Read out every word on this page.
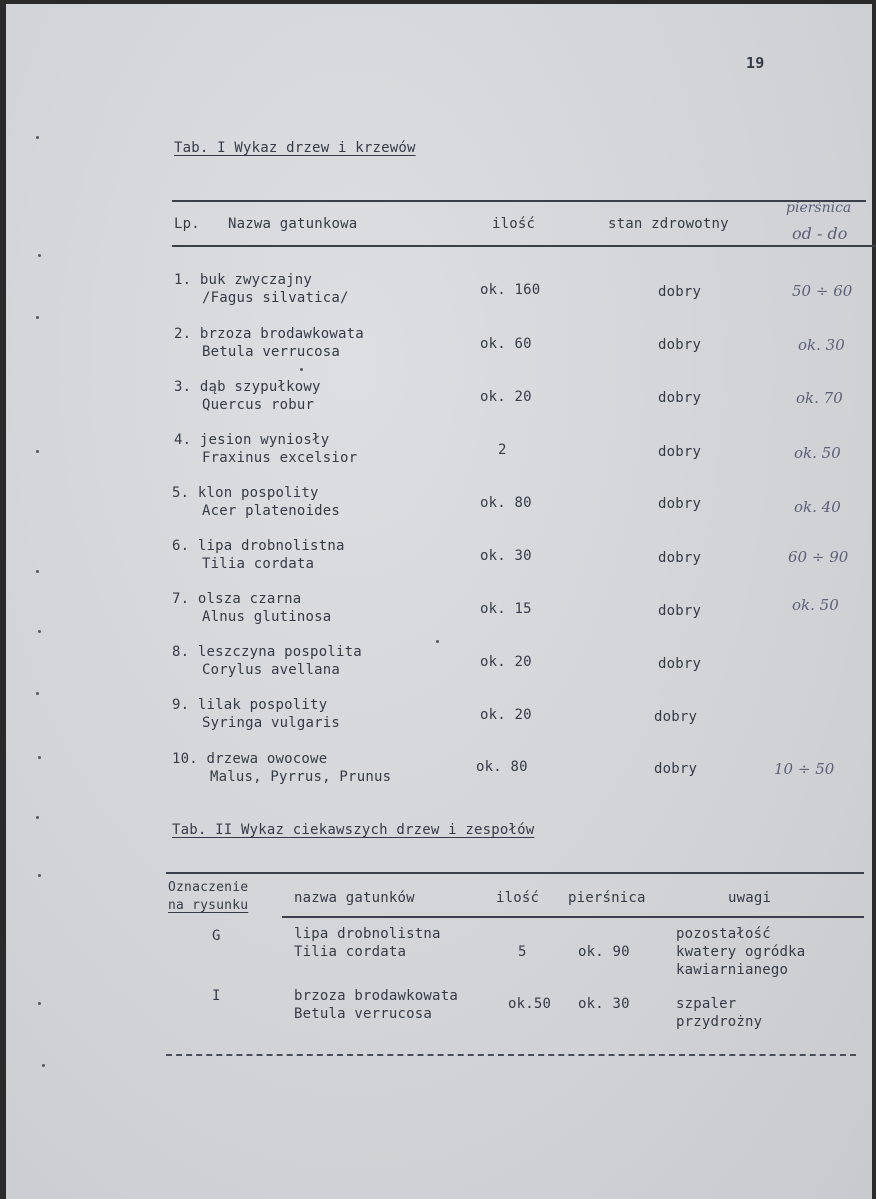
19
Tab. I Wykaz drzew i krzewów
Lp. Nazwa gatunkowa	ilość	stan zdrowotny
pierśnica
od - do
1. buk zwyczajny
/Fagus silvatica/	ok. 160	dobry	50 ÷ 60
2. brzoza brodawkowata
Betula verrucosa	ok. 60	dobry	ok. 30
3. dąb szypułkowy
Quercus robur	ok. 20	dobry	ok. 70
4. jesion wyniosły
Fraxinus excelsior	2	dobry	ok. 50
5. klon pospolity
Acer platenoides	ok. 80	dobry	ok. 40
6. lipa drobnolistna
Tilia cordata	ok. 30	dobry	60 ÷ 90
7. olsza czarna
Alnus glutinosa	ok. 15	dobry	ok. 50
8. leszczyna pospolita
Corylus avellana	ok. 20	dobry
9. lilak pospolity
Syringa vulgaris	ok. 20	dobry
10. drzewa owocowe
Malus, Pyrrus, Prunus
ok. 80	dobry	10 ÷ 50
Tab. II Wykaz ciekawszych drzew i zespołów
Oznaczenie
na rysunku	nazwa gatunków	ilość pierśnica	uwagi
G	lipa drobnolistna
Tilia cordata	5	ok. 90
pozostałość
kwatery ogródka
kawiarnianego
I	brzoza brodawkowata
Betula verrucosa
ok.50 ok. 30	szpaler
przydrożny
